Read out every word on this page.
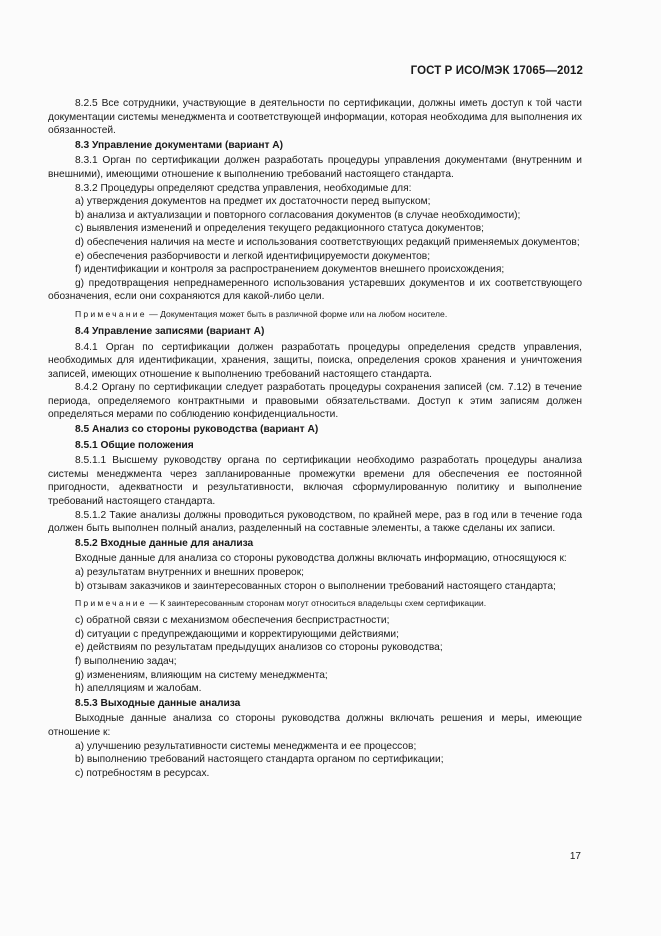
ГОСТ Р ИСО/МЭК 17065—2012

8.2.5 Все сотрудники, участвующие в деятельности по сертификации, должны иметь доступ к той части документации системы менеджмента и соответствующей информации, которая необходима для выполнения их обязанностей.

8.3 Управление документами (вариант А)

8.3.1 Орган по сертификации должен разработать процедуры управления документами (внутренним и внешними), имеющими отношение к выполнению требований настоящего стандарта.

8.3.2 Процедуры определяют средства управления, необходимые для:

a) утверждения документов на предмет их достаточности перед выпуском;

b) анализа и актуализации и повторного согласования документов (в случае необходимости);

c) выявления изменений и определения текущего редакционного статуса документов;

d) обеспечения наличия на месте и использования соответствующих редакций применяемых документов;

e) обеспечения разборчивости и легкой идентифицируемости документов;

f) идентификации и контроля за распространением документов внешнего происхождения;

g) предотвращения непреднамеренного использования устаревших документов и их соответствующего обозначения, если они сохраняются для какой-либо цели.

Примечание — Документация может быть в различной форме или на любом носителе.

8.4 Управление записями (вариант А)

8.4.1 Орган по сертификации должен разработать процедуры определения средств управления, необходимых для идентификации, хранения, защиты, поиска, определения сроков хранения и уничтожения записей, имеющих отношение к выполнению требований настоящего стандарта.

8.4.2 Органу по сертификации следует разработать процедуры сохранения записей (см. 7.12) в течение периода, определяемого контрактными и правовыми обязательствами. Доступ к этим записям должен определяться мерами по соблюдению конфиденциальности.

8.5 Анализ со стороны руководства (вариант А)

8.5.1 Общие положения

8.5.1.1 Высшему руководству органа по сертификации необходимо разработать процедуры анализа системы менеджмента через запланированные промежутки времени для обеспечения ее постоянной пригодности, адекватности и результативности, включая сформулированную политику и выполнение требований настоящего стандарта.

8.5.1.2 Такие анализы должны проводиться руководством, по крайней мере, раз в год или в течение года должен быть выполнен полный анализ, разделенный на составные элементы, а также сделаны их записи.

8.5.2 Входные данные для анализа

Входные данные для анализа со стороны руководства должны включать информацию, относящуюся к:

a) результатам внутренних и внешних проверок;

b) отзывам заказчиков и заинтересованных сторон о выполнении требований настоящего стандарта;

Примечание — К заинтересованным сторонам могут относиться владельцы схем сертификации.

c) обратной связи с механизмом обеспечения беспристрастности;

d) ситуации с предупреждающими и корректирующими действиями;

e) действиям по результатам предыдущих анализов со стороны руководства;

f) выполнению задач;

g) изменениям, влияющим на систему менеджмента;

h) апелляциям и жалобам.

8.5.3 Выходные данные анализа

Выходные данные анализа со стороны руководства должны включать решения и меры, имеющие отношение к:

a) улучшению результативности системы менеджмента и ее процессов;

b) выполнению требований настоящего стандарта органом по сертификации;

c) потребностям в ресурсах.

17
